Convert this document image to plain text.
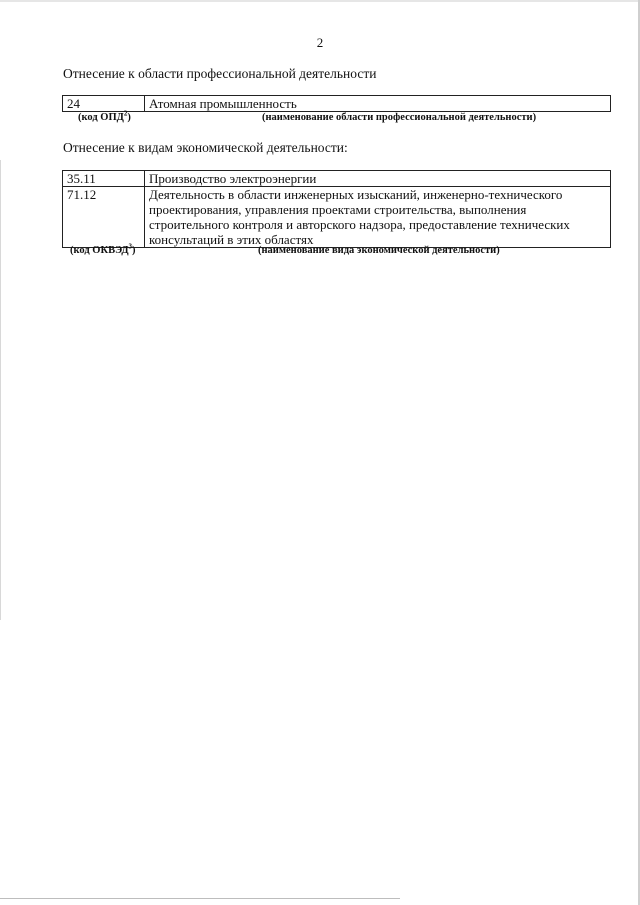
2
Отнесение к области профессиональной деятельности
24	Атомная промышленность
(код ОПД$^2$)	(наименование области профессиональной деятельности)
Отнесение к видам экономической деятельности:
35.11	Производство электроэнергии
71.12	Деятельность в области инженерных изысканий, инженерно-технического проектирования, управления проектами строительства, выполнения строительного контроля и авторского надзора, предоставление технических консультаций в этих областях
(код ОКВЭД$^3$)	(наименование вида экономической деятельности)
